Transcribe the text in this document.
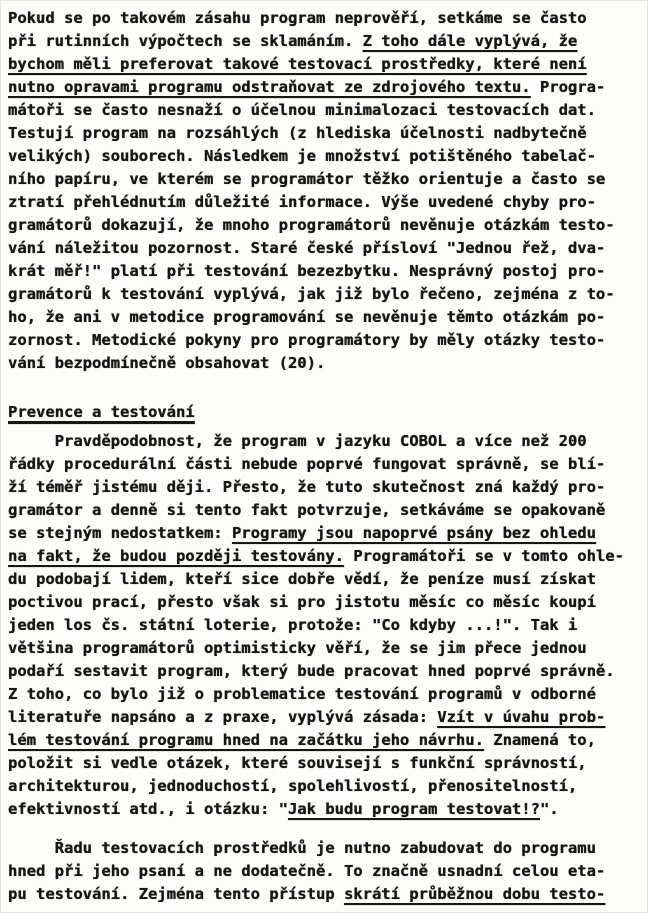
Pokud se po takovém zásahu program neprověří, setkáme se často
při rutinních výpočtech se sklamáním. Z toho dále vyplývá, že
bychom měli preferovat takové testovací prostředky, které není
nutno opravami programu odstraňovat ze zdrojového textu. Progra-
mátoři se často nesnaží o účelnou minimalozaci testovacích dat.
Testují program na rozsáhlých (z hlediska účelnosti nadbytečně
velikých) souborech. Následkem je množství potištěného tabelač-
ního papíru, ve kterém se programátor těžko orientuje a často se
ztratí přehlédnutím důležité informace. Výše uvedené chyby pro-
gramátorů dokazují, že mnoho programátorů nevěnuje otázkám testo-
vání náležitou pozornost. Staré české přísloví "Jednou řež, dva-
krát měř!" platí při testování bezezbytku. Nesprávný postoj pro-
gramátorů k testování vyplývá, jak již bylo řečeno, zejména z to-
ho, že ani v metodice programování se nevěnuje těmto otázkám po-
zornost. Metodické pokyny pro programátory by měly otázky testo-
vání bezpodmínečně obsahovat (20).
Prevence a testování
Pravděpodobnost, že program v jazyku COBOL a více než 200
řádky procedurální části nebude poprvé fungovat správně, se blí-
ží téměř jistému ději. Přesto, že tuto skutečnost zná každý pro-
gramátor a denně si tento fakt potvrzuje, setkáváme se opakovaně
se stejným nedostatkem: Programy jsou napoprvé psány bez ohledu
na fakt, že budou později testovány. Programátoři se v tomto ohle-
du podobají lidem, kteří sice dobře vědí, že peníze musí získat
poctivou prací, přesto však si pro jistotu měsíc co měsíc koupí
jeden los čs. státní loterie, protože: "Co kdyby ...!". Tak i
většina programátorů optimisticky věří, že se jim přece jednou
podaří sestavit program, který bude pracovat hned poprvé správně.
Z toho, co bylo již o problematice testování programů v odborné
literatuře napsáno a z praxe, vyplývá zásada: Vzít v úvahu prob-
lém testování programu hned na začátku jeho návrhu. Znamená to,
položit si vedle otázek, které souvisejí s funkční správností,
architekturou, jednoduchostí, spolehlivostí, přenositelností,
efektivností atd., i otázku: "Jak budu program testovat!?".
Řadu testovacích prostředků je nutno zabudovat do programu
hned při jeho psaní a ne dodatečně. To značně usnadní celou eta-
pu testování. Zejména tento přístup skrátí průběžnou dobu testo-
